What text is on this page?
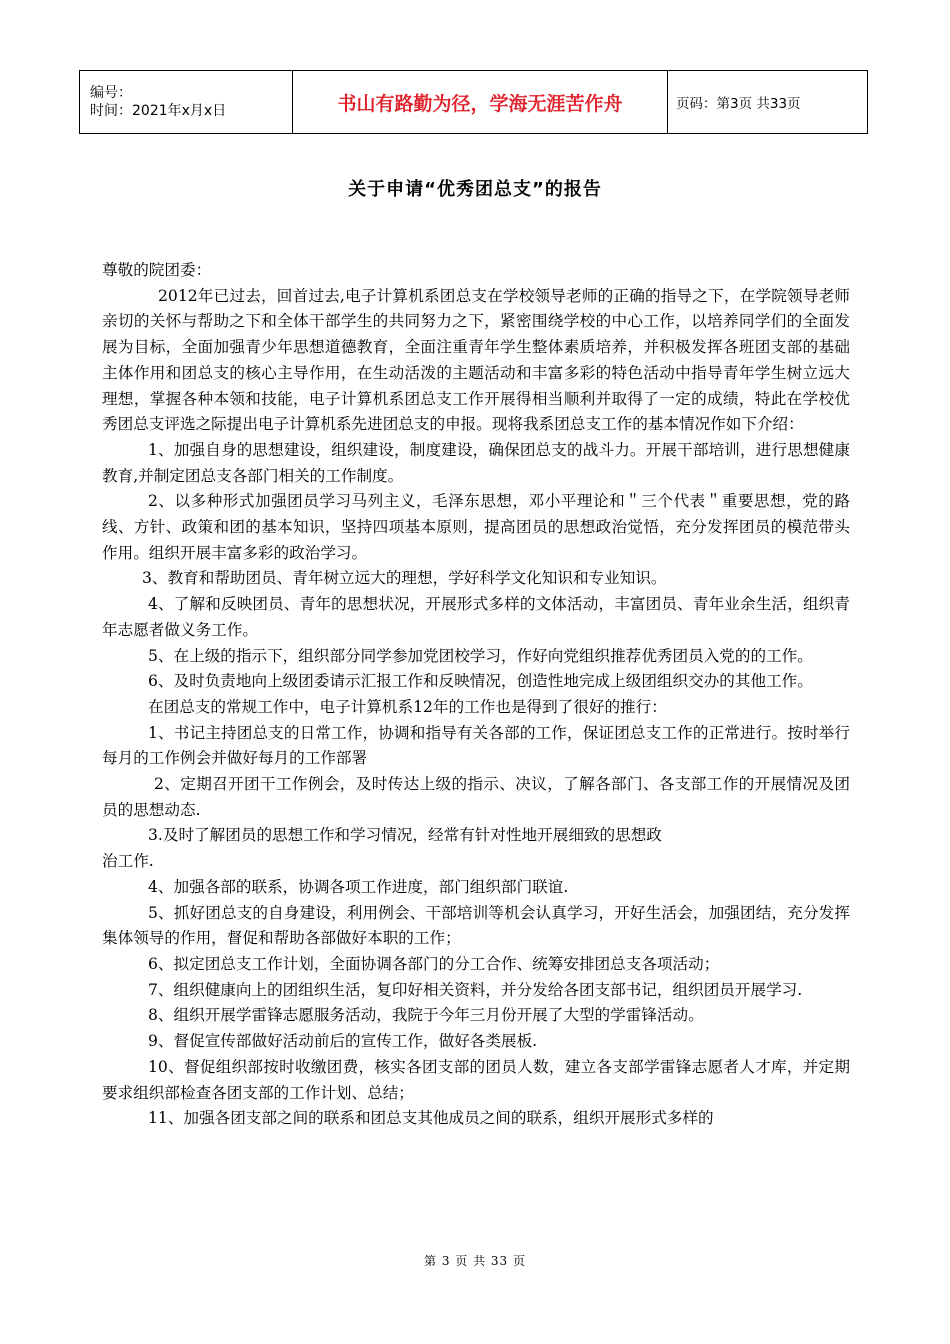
编号：
时间：2021年x月x日	书山有路勤为径，学海无涯苦作舟	页码：第3页 共33页
关于申请“优秀团总支”的报告

尊敬的院团委：

2012年已过去，回首过去,电子计算机系团总支在学校领导老师的正确的指导之下，在学院领导老师亲切的关怀与帮助之下和全体干部学生的共同努力之下，紧密围绕学校的中心工作，以培养同学们的全面发展为目标，全面加强青少年思想道德教育，全面注重青年学生整体素质培养，并积极发挥各班团支部的基础主体作用和团总支的核心主导作用，在生动活泼的主题活动和丰富多彩的特色活动中指导青年学生树立远大理想，掌握各种本领和技能，电子计算机系团总支工作开展得相当顺利并取得了一定的成绩，特此在学校优秀团总支评选之际提出电子计算机系先进团总支的申报。现将我系团总支工作的基本情况作如下介绍：

1、加强自身的思想建设，组织建设，制度建设，确保团总支的战斗力。开展干部培训，进行思想健康教育,并制定团总支各部门相关的工作制度。

2、以多种形式加强团员学习马列主义，毛泽东思想，邓小平理论和＂三个代表＂重要思想，党的路线、方针、政策和团的基本知识，坚持四项基本原则，提高团员的思想政治觉悟，充分发挥团员的模范带头作用。组织开展丰富多彩的政治学习。

3、教育和帮助团员、青年树立远大的理想，学好科学文化知识和专业知识。

4、了解和反映团员、青年的思想状况，开展形式多样的文体活动，丰富团员、青年业余生活，组织青年志愿者做义务工作。

5、在上级的指示下，组织部分同学参加党团校学习，作好向党组织推荐优秀团员入党的的工作。

6、及时负责地向上级团委请示汇报工作和反映情况，创造性地完成上级团组织交办的其他工作。

在团总支的常规工作中，电子计算机系12年的工作也是得到了很好的推行：

1、书记主持团总支的日常工作，协调和指导有关各部的工作，保证团总支工作的正常进行。按时举行每月的工作例会并做好每月的工作部署

2、定期召开团干工作例会，及时传达上级的指示、决议，了解各部门、各支部工作的开展情况及团员的思想动态.

3.及时了解团员的思想工作和学习情况，经常有针对性地开展细致的思想政

治工作.

4、加强各部的联系，协调各项工作进度，部门组织部门联谊.

5、抓好团总支的自身建设，利用例会、干部培训等机会认真学习，开好生活会，加强团结，充分发挥集体领导的作用，督促和帮助各部做好本职的工作；

6、拟定团总支工作计划，全面协调各部门的分工合作、统筹安排团总支各项活动；

7、组织健康向上的团组织生活，复印好相关资料，并分发给各团支部书记，组织团员开展学习.

8、组织开展学雷锋志愿服务活动，我院于今年三月份开展了大型的学雷锋活动。

9、督促宣传部做好活动前后的宣传工作，做好各类展板.

10、督促组织部按时收缴团费，核实各团支部的团员人数，建立各支部学雷锋志愿者人才库，并定期要求组织部检查各团支部的工作计划、总结；

11、加强各团支部之间的联系和团总支其他成员之间的联系，组织开展形式多样的

第 3 页 共 33 页
